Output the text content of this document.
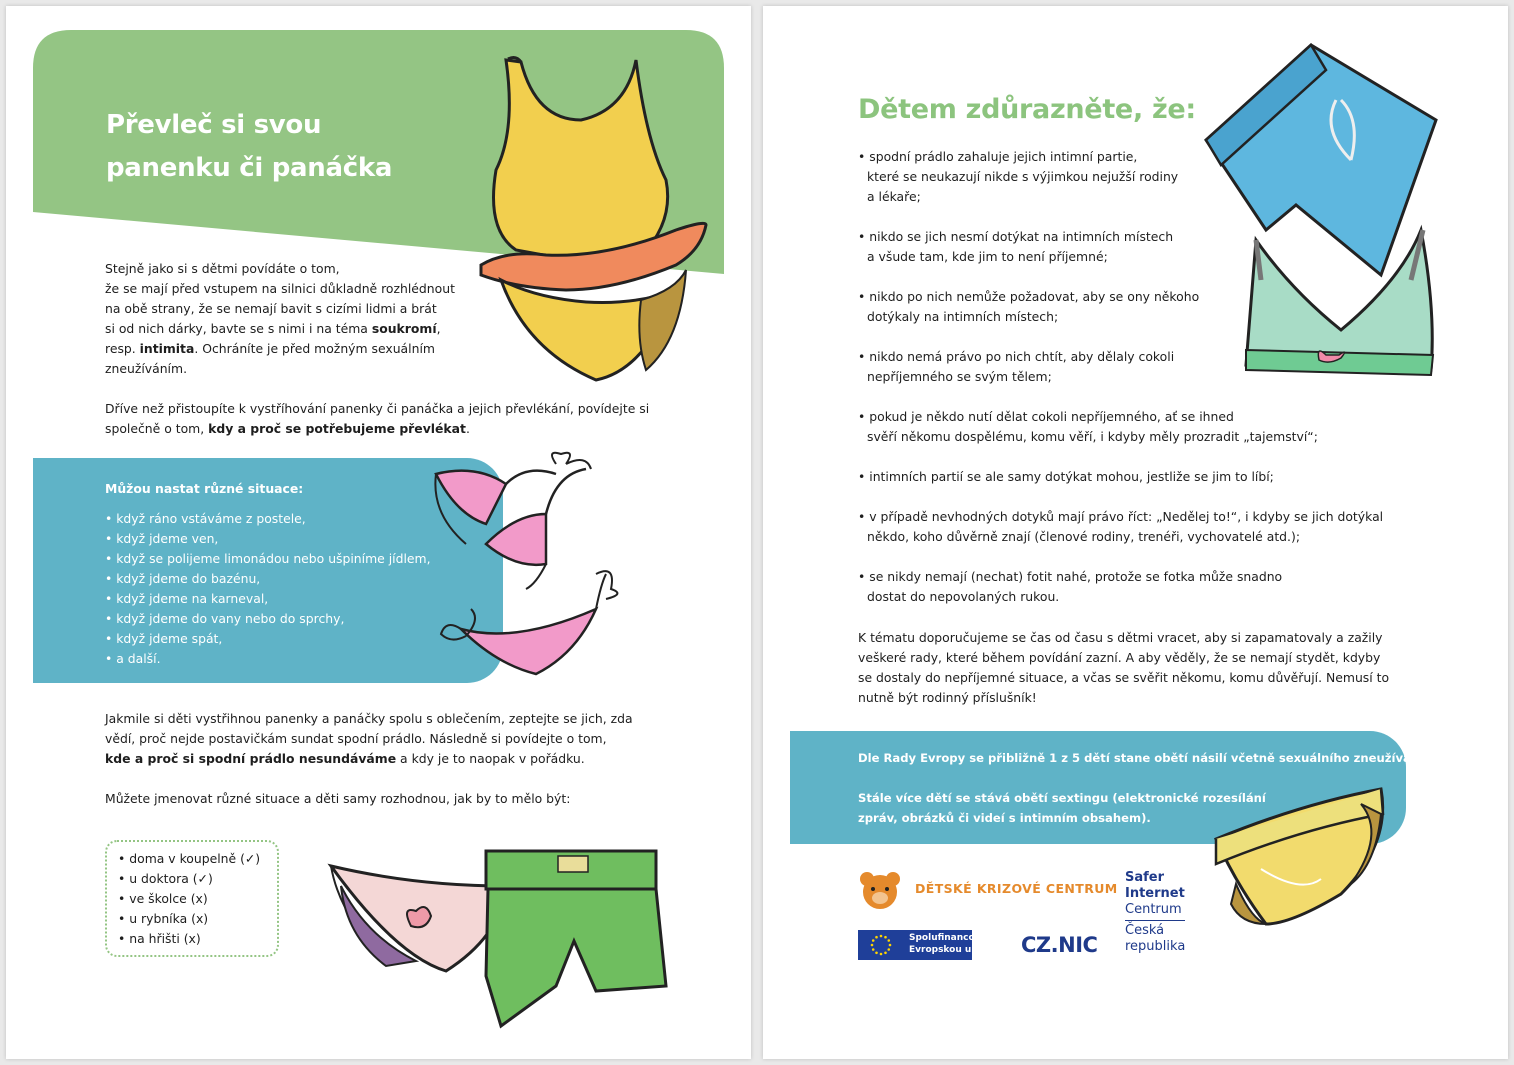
Převleč si svou
panenku či panáčka
Stejně jako si s dětmi povídáte o tom,
že se mají před vstupem na silnici důkladně rozhlédnout
na obě strany, že se nemají bavit s cizími lidmi a brát
si od nich dárky, bavte se s nimi i na téma soukromí,
resp. intimita. Ochráníte je před možným sexuálním
zneužíváním.
Dříve než přistoupíte k vystříhování panenky či panáčka a jejich převlékání, povídejte si
společně o tom, kdy a proč se potřebujeme převlékat.
Můžou nastat různé situace:
• když ráno vstáváme z postele,
• když jdeme ven,
• když se polijeme limonádou nebo ušpiníme jídlem,
• když jdeme do bazénu,
• když jdeme na karneval,
• když jdeme do vany nebo do sprchy,
• když jdeme spát,
• a další.
Jakmile si děti vystřihnou panenky a panáčky spolu s oblečením, zeptejte se jich, zda
vědí, proč nejde postavičkám sundat spodní prádlo. Následně si povídejte o tom,
kde a proč si spodní prádlo nesundáváme a kdy je to naopak v pořádku.
Můžete jmenovat různé situace a děti samy rozhodnou, jak by to mělo být:
• doma v koupelně (✓)
• u doktora (✓)
• ve školce (x)
• u rybníka (x)
• na hřišti (x)
Dětem zdůrazněte, že:
• spodní prádlo zahaluje jejich intimní partie,
které se neukazují nikde s výjimkou nejužší rodiny
a lékaře;
• nikdo se jich nesmí dotýkat na intimních místech
a všude tam, kde jim to není příjemné;
• nikdo po nich nemůže požadovat, aby se ony někoho
dotýkaly na intimních místech;
• nikdo nemá právo po nich chtít, aby dělaly cokoli
nepříjemného se svým tělem;
• pokud je někdo nutí dělat cokoli nepříjemného, ať se ihned
svěří někomu dospělému, komu věří, i kdyby měly prozradit „tajemství“;
• intimních partií se ale samy dotýkat mohou, jestliže se jim to líbí;
• v případě nevhodných dotyků mají právo říct: „Nedělej to!“, i kdyby se jich dotýkal
někdo, koho důvěrně znají (členové rodiny, trenéři, vychovatelé atd.);
• se nikdy nemají (nechat) fotit nahé, protože se fotka může snadno
dostat do nepovolaných rukou.
K tématu doporučujeme se čas od času s dětmi vracet, aby si zapamatovaly a zažily
veškeré rady, které během povídání zazní. A aby věděly, že se nemají stydět, kdyby
se dostaly do nepříjemné situace, a včas se svěřit někomu, komu důvěřují. Nemusí to
nutně být rodinný příslušník!
Dle Rady Evropy se přibližně 1 z 5 dětí stane obětí násilí včetně sexuálního zneužívání.
Stále více dětí se stává obětí sextingu (elektronické rozesílání
zpráv, obrázků či videí s intimním obsahem).
DĚTSKÉ KRIZOVÉ CENTRUM
Safer
Internet
Centrum
Česká
republika
Spolufinancováno
Evropskou unií	CZ.NIC
